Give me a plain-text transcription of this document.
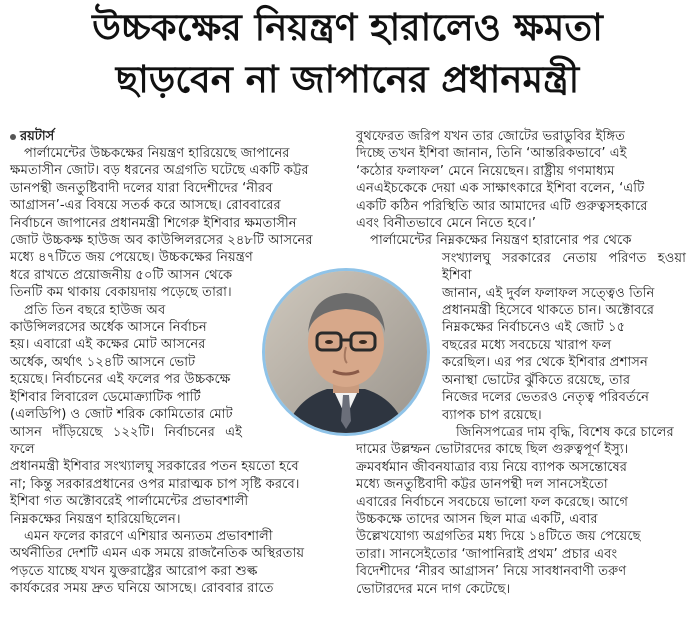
উচ্চকক্ষের নিয়ন্ত্রণ হারালেও ক্ষমতা
ছাড়বেন না জাপানের প্রধানমন্ত্রী
রয়টার্স
পার্লামেন্টের উচ্চকক্ষের নিয়ন্ত্রণ হারিয়েছে জাপানের
ক্ষমতাসীন জোট। বড় ধরনের অগ্রগতি ঘটেছে একটি কট্টর
ডানপন্থী জনতুষ্টিবাদী দলের যারা বিদেশীদের ‘নীরব
আগ্রাসন’-এর বিষয়ে সতর্ক করে আসছে। রোববারের
নির্বাচনে জাপানের প্রধানমন্ত্রী শিগেরু ইশিবার ক্ষমতাসীন
জোট উচ্চকক্ষ হাউজ অব কাউন্সিলরসের ২৪৮টি আসনের
মধ্যে ৪৭টিতে জয় পেয়েছে। উচ্চকক্ষের নিয়ন্ত্রণ
ধরে রাখতে প্রয়োজনীয় ৫০টি আসন থেকে
তিনটি কম থাকায় বেকায়দায় পড়েছে তারা।
প্রতি তিন বছরে হাউজ অব
কাউন্সিলরসের অর্ধেক আসনে নির্বাচন
হয়। এবারো এই কক্ষের মোট আসনের
অর্ধেক, অর্থাৎ ১২৪টি আসনে ভোট
হয়েছে। নির্বাচনের এই ফলের পর উচ্চকক্ষে
ইশিবার লিবারেল ডেমোক্র্যাটিক পার্টি
(এলডিপি) ও জোট শরিক কোমিতোর মোট
আসন দাঁড়িয়েছে ১২২টি। নির্বাচনের এই ফলে
প্রধানমন্ত্রী ইশিবার সংখ্যালঘু সরকারের পতন হয়তো হবে
না; কিন্তু সরকারপ্রধানের ওপর মারাত্মক চাপ সৃষ্টি করবে।
ইশিবা গত অক্টোবরেই পার্লামেন্টের প্রভাবশালী
নিম্নকক্ষের নিয়ন্ত্রণ হারিয়েছিলেন।
এমন ফলের কারণে এশিয়ার অন্যতম প্রভাবশালী
অর্থনীতির দেশটি এমন এক সময়ে রাজনৈতিক অস্থিরতায়
পড়তে যাচ্ছে যখন যুক্তরাষ্ট্রের আরোপ করা শুল্ক
কার্যকরের সময় দ্রুত ঘনিয়ে আসছে। রোববার রাতে
বুথফেরত জরিপ যখন তার জোটের ভরাডুবির ইঙ্গিত
দিচ্ছে তখন ইশিবা জানান, তিনি ‘আন্তরিকভাবে’ এই
‘কঠোর ফলাফল’ মেনে নিয়েছেন। রাষ্ট্রীয় গণমাধ্যম
এনএইচকেকে দেয়া এক সাক্ষাৎকারে ইশিবা বলেন, ‘এটি
একটি কঠিন পরিস্থিতি আর আমাদের এটি গুরুত্বসহকারে
এবং বিনীতভাবে মেনে নিতে হবে।’
পার্লামেন্টের নিম্নকক্ষের নিয়ন্ত্রণ হারানোর পর থেকে
সংখ্যালঘু সরকারের নেতায় পরিণত হওয়া ইশিবা
জানান, এই দুর্বল ফলাফল সত্ত্বেও তিনি
প্রধানমন্ত্রী হিসেবে থাকতে চান। অক্টোবরে
নিম্নকক্ষের নির্বাচনেও এই জোট ১৫
বছরের মধ্যে সবচেয়ে খারাপ ফল
করেছিল। এর পর থেকে ইশিবার প্রশাসন
অনাস্থা ভোটের ঝুঁকিতে রয়েছে, তার
নিজের দলের ভেতরও নেতৃত্ব পরিবর্তনে
ব্যাপক চাপ রয়েছে।
জিনিসপত্রের দাম বৃদ্ধি, বিশেষ করে চালের
দামের উল্লম্ফন ভোটারদের কাছে ছিল গুরুত্বপূর্ণ ইস্যু।
ক্রমবর্ধমান জীবনযাত্রার ব্যয় নিয়ে ব্যাপক অসন্তোষের
মধ্যে জনতুষ্টিবাদী কট্টর ডানপন্থী দল সানসেইতো
এবারের নির্বাচনে সবচেয়ে ভালো ফল করেছে। আগে
উচ্চকক্ষে তাদের আসন ছিল মাত্র একটি, এবার
উল্লেখযোগ্য অগ্রগতির মধ্য দিয়ে ১৪টিতে জয় পেয়েছে
তারা। সানসেইতোর ‘জাপানিরাই প্রথম’ প্রচার এবং
বিদেশীদের ‘নীরব আগ্রাসন’ নিয়ে সাবধানবাণী তরুণ
ভোটারদের মনে দাগ কেটেছে।
